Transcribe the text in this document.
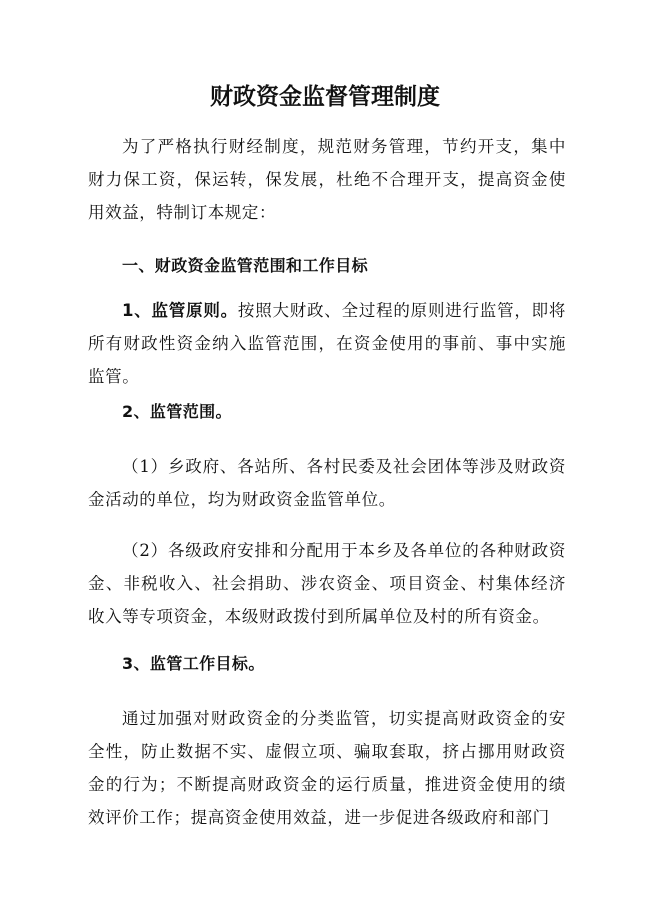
财政资金监督管理制度

为了严格执行财经制度，规范财务管理，节约开支，集中财力保工资，保运转，保发展，杜绝不合理开支，提高资金使用效益，特制订本规定：

一、财政资金监管范围和工作目标

1、监管原则。按照大财政、全过程的原则进行监管，即将所有财政性资金纳入监管范围，在资金使用的事前、事中实施监管。

2、监管范围。

（1）乡政府、各站所、各村民委及社会团体等涉及财政资金活动的单位，均为财政资金监管单位。

（2）各级政府安排和分配用于本乡及各单位的各种财政资金、非税收入、社会捐助、涉农资金、项目资金、村集体经济收入等专项资金，本级财政拨付到所属单位及村的所有资金。

3、监管工作目标。

通过加强对财政资金的分类监管，切实提高财政资金的安全性，防止数据不实、虚假立项、骗取套取，挤占挪用财政资金的行为；不断提高财政资金的运行质量，推进资金使用的绩效评价工作；提高资金使用效益，进一步促进各级政府和部门
